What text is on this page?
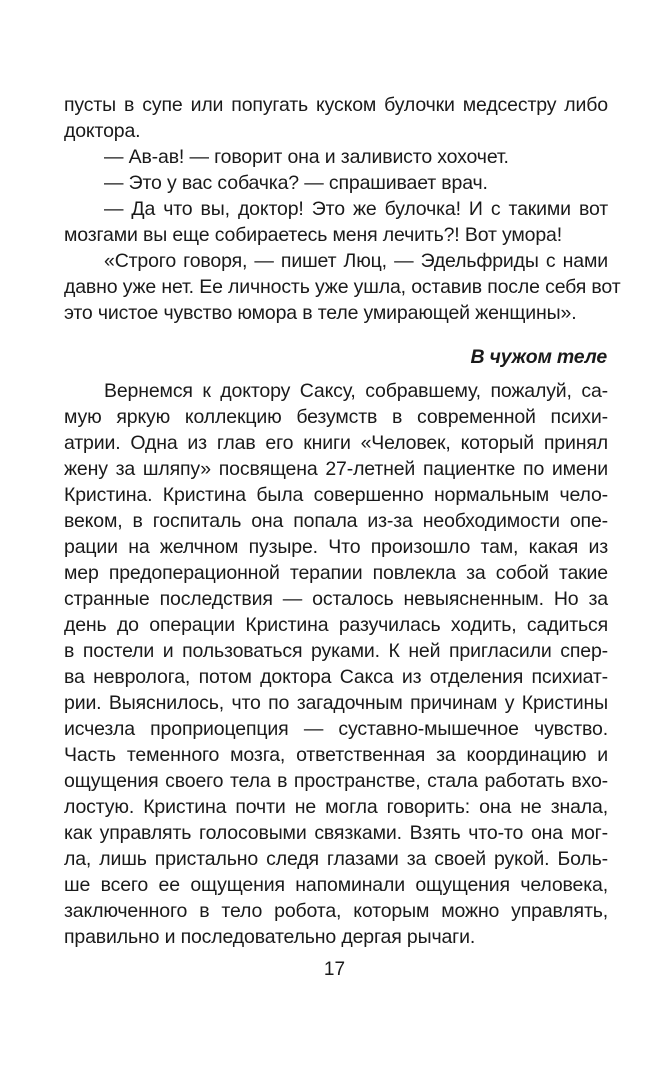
пусты в супе или попугать куском булочки медсестру либо
доктора.
— Ав-ав! — говорит она и заливисто хохочет.
— Это у вас собачка? — спрашивает врач.
— Да что вы, доктор! Это же булочка! И с такими вот
мозгами вы еще собираетесь меня лечить?! Вот умора!
«Строго говоря, — пишет Люц, — Эдельфриды с нами
давно уже нет. Ее личность уже ушла, оставив после себя вот
это чистое чувство юмора в теле умирающей женщины».
В чужом теле
Вернемся к доктору Саксу, собравшему, пожалуй, са-
мую яркую коллекцию безумств в современной психи-
атрии. Одна из глав его книги «Человек, который принял
жену за шляпу» посвящена 27-летней пациентке по имени
Кристина. Кристина была совершенно нормальным чело-
веком, в госпиталь она попала из-за необходимости опе-
рации на желчном пузыре. Что произошло там, какая из
мер предоперационной терапии повлекла за собой такие
странные последствия — осталось невыясненным. Но за
день до операции Кристина разучилась ходить, садиться
в постели и пользоваться руками. К ней пригласили спер-
ва невролога, потом доктора Сакса из отделения психиат-
рии. Выяснилось, что по загадочным причинам у Кристины
исчезла проприоцепция — суставно-мышечное чувство.
Часть теменного мозга, ответственная за координацию и
ощущения своего тела в пространстве, стала работать вхо-
лостую. Кристина почти не могла говорить: она не знала,
как управлять голосовыми связками. Взять что-то она мог-
ла, лишь пристально следя глазами за своей рукой. Боль-
ше всего ее ощущения напоминали ощущения человека,
заключенного в тело робота, которым можно управлять,
правильно и последовательно дергая рычаги.
17
